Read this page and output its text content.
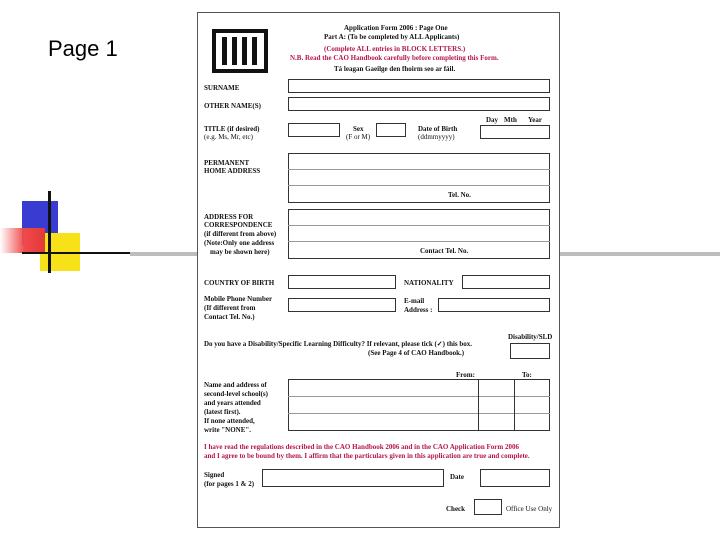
Page 1
Application Form 2006 : Page One
Part A: (To be completed by ALL Applicants)
(Complete ALL entries in BLOCK LETTERS.)
N.B. Read the CAO Handbook carefully before completing this Form.
Tá leagan Gaeilge den fhoirm seo ar fáil.
SURNAME
OTHER NAME(S)
Day Mth Year
TITLE (if desired)
(e.g. Ms, Mr, etc)
Sex
(F or M)
Date of Birth
(ddmmyyyy)
PERMANENT
HOME ADDRESS
Tel. No.
ADDRESS FOR
CORRESPONDENCE
(if different from above)
(Note:Only one address
may be shown here)	Contact Tel. No.
COUNTRY OF BIRTH	NATIONALITY
Mobile Phone Number
(If different from
Contact Tel. No.)
E-mail
Address :
Disability/SLD
Do you have a Disability/Specific Learning Difficulty? If relevant, please tick (✓) this box.
(See Page 4 of CAO Handbook.)
From:	To:
Name and address of
second-level school(s)
and years attended
(latest first).
If none attended,
write "NONE".
I have read the regulations described in the CAO Handbook 2006 and in the CAO Application Form 2006
and I agree to be bound by them. I affirm that the particulars given in this application are true and complete.
Signed
(for pages 1 & 2)
Date
Check	Office Use Only
